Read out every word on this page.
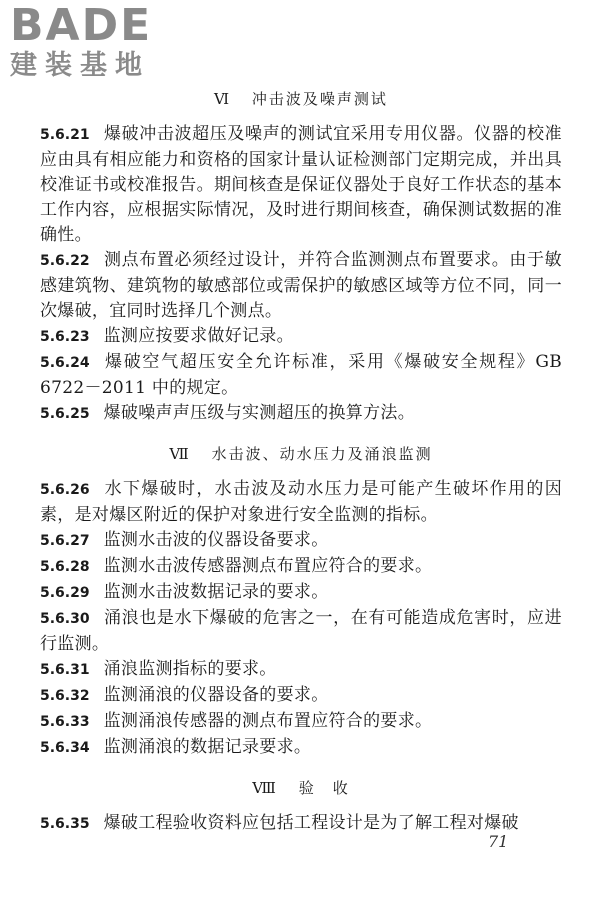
BADE
建装基地
Ⅵ 冲击波及噪声测试

5.6.21 爆破冲击波超压及噪声的测试宜采用专用仪器。仪器的校准应由具有相应能力和资格的国家计量认证检测部门定期完成，并出具校准证书或校准报告。期间核查是保证仪器处于良好工作状态的基本工作内容，应根据实际情况，及时进行期间核查，确保测试数据的准确性。

5.6.22 测点布置必须经过设计，并符合监测测点布置要求。由于敏感建筑物、建筑物的敏感部位或需保护的敏感区域等方位不同，同一次爆破，宜同时选择几个测点。

5.6.23 监测应按要求做好记录。

5.6.24 爆破空气超压安全允许标准，采用《爆破安全规程》GB 6722－2011 中的规定。

5.6.25 爆破噪声声压级与实测超压的换算方法。

Ⅶ 水击波、动水压力及涌浪监测

5.6.26 水下爆破时，水击波及动水压力是可能产生破坏作用的因素，是对爆区附近的保护对象进行安全监测的指标。

5.6.27 监测水击波的仪器设备要求。

5.6.28 监测水击波传感器测点布置应符合的要求。

5.6.29 监测水击波数据记录的要求。

5.6.30 涌浪也是水下爆破的危害之一，在有可能造成危害时，应进行监测。

5.6.31 涌浪监测指标的要求。

5.6.32 监测涌浪的仪器设备的要求。

5.6.33 监测涌浪传感器的测点布置应符合的要求。

5.6.34 监测涌浪的数据记录要求。

Ⅷ 验　收

5.6.35 爆破工程验收资料应包括工程设计是为了解工程对爆破

71
